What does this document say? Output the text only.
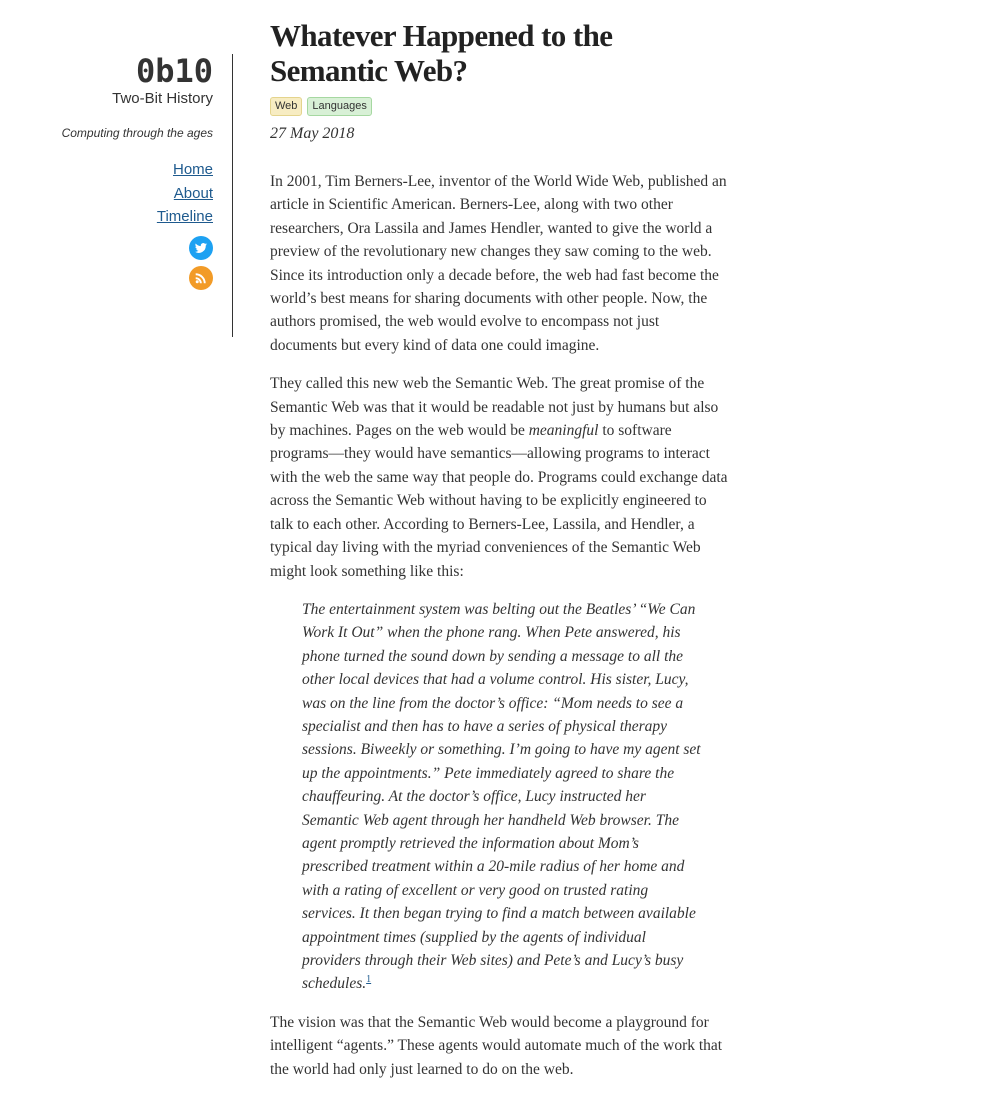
0b10
Two-Bit History
Computing through the ages
Home
About
Timeline
Whatever Happened to the Semantic Web?
Web Languages
27 May 2018

In 2001, Tim Berners-Lee, inventor of the World Wide Web, published an article in Scientific American. Berners-Lee, along with two other researchers, Ora Lassila and James Hendler, wanted to give the world a preview of the revolutionary new changes they saw coming to the web. Since its introduction only a decade before, the web had fast become the world’s best means for sharing documents with other people. Now, the authors promised, the web would evolve to encompass not just documents but every kind of data one could imagine.

They called this new web the Semantic Web. The great promise of the Semantic Web was that it would be readable not just by humans but also by machines. Pages on the web would be meaningful to software programs—they would have semantics—allowing programs to interact with the web the same way that people do. Programs could exchange data across the Semantic Web without having to be explicitly engineered to talk to each other. According to Berners-Lee, Lassila, and Hendler, a typical day living with the myriad conveniences of the Semantic Web might look something like this:

The entertainment system was belting out the Beatles’ “We Can Work It Out” when the phone rang. When Pete answered, his phone turned the sound down by sending a message to all the other local devices that had a volume control. His sister, Lucy, was on the line from the doctor’s office: “Mom needs to see a specialist and then has to have a series of physical therapy sessions. Biweekly or something. I’m going to have my agent set up the appointments.” Pete immediately agreed to share the chauffeuring. At the doctor’s office, Lucy instructed her Semantic Web agent through her handheld Web browser. The agent promptly retrieved the information about Mom’s prescribed treatment within a 20-mile radius of her home and with a rating of excellent or very good on trusted rating services. It then began trying to find a match between available appointment times (supplied by the agents of individual providers through their Web sites) and Pete’s and Lucy’s busy schedules.$^1$

The vision was that the Semantic Web would become a playground for intelligent “agents.” These agents would automate much of the work that the world had only just learned to do on the web.
